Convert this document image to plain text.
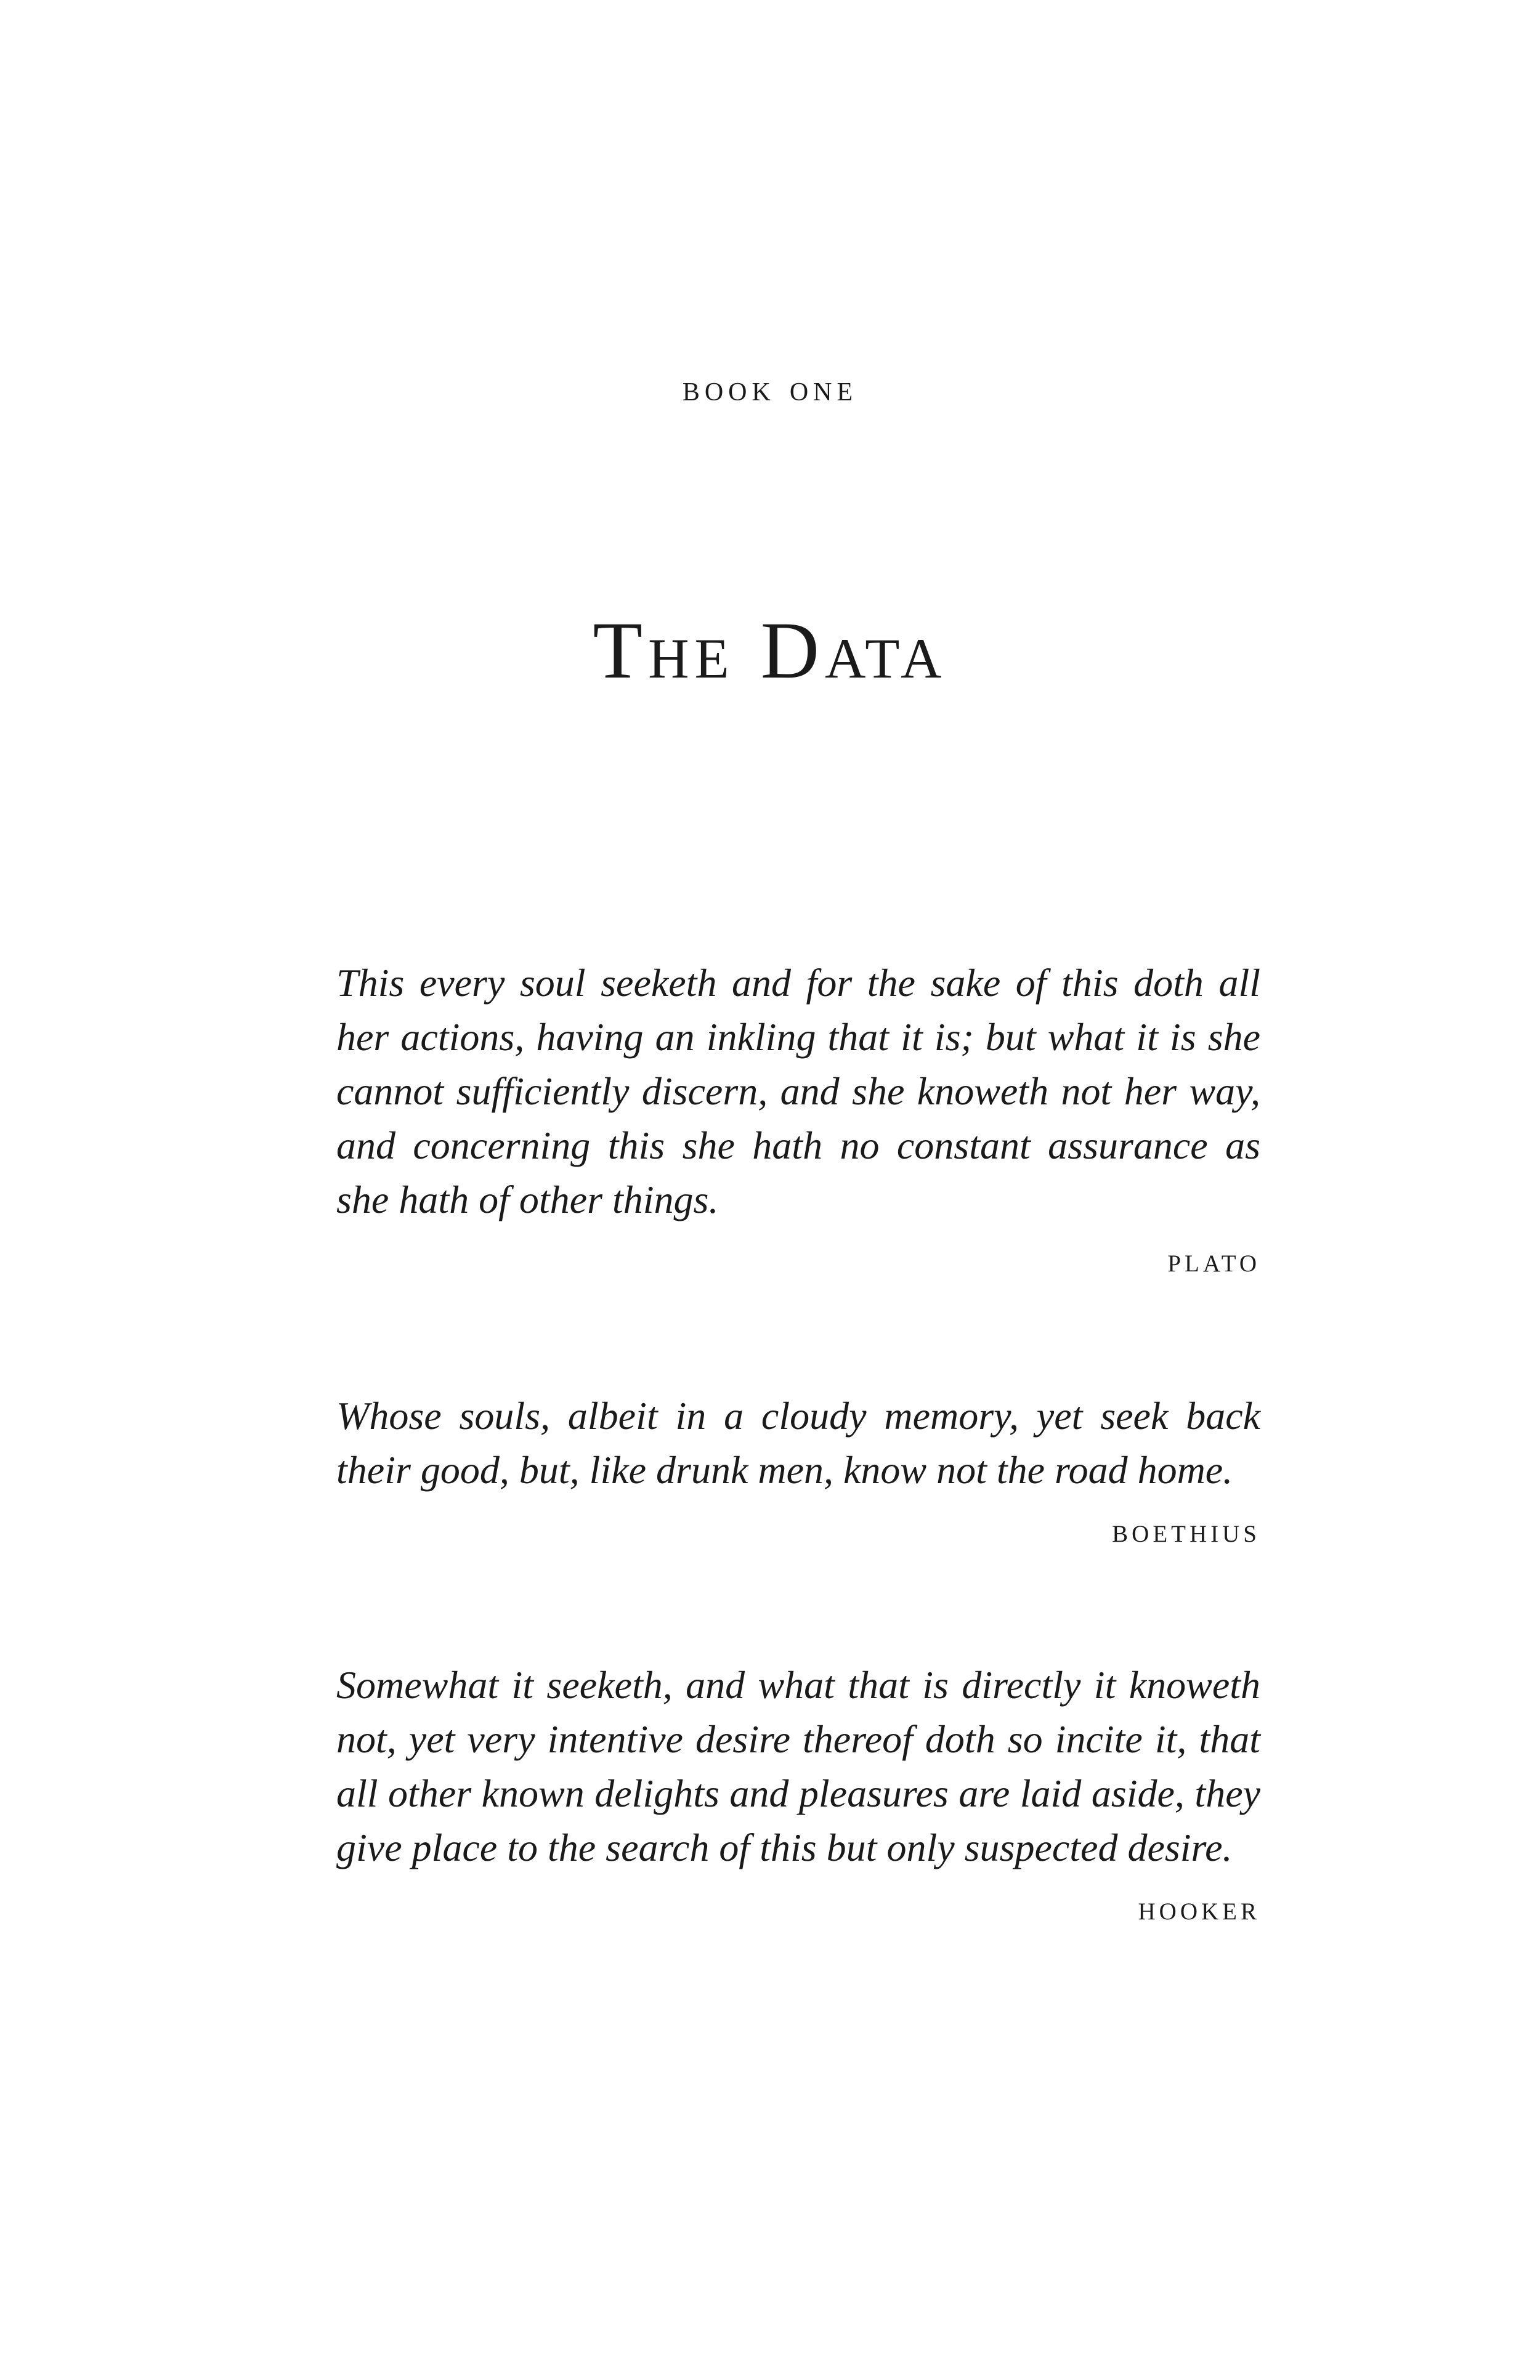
book one
The Data

This every soul seeketh and for the sake of this doth all her actions, having an inkling that it is; but what it is she cannot sufficiently discern, and she knoweth not her way, and concerning this she hath no constant assurance as she hath of other things.

plato

Whose souls, albeit in a cloudy memory, yet seek back their good, but, like drunk men, know not the road home.

boethius

Somewhat it seeketh, and what that is directly it knoweth not, yet very intentive desire thereof doth so incite it, that all other known delights and pleasures are laid aside, they give place to the search of this but only suspected desire.

hooker
